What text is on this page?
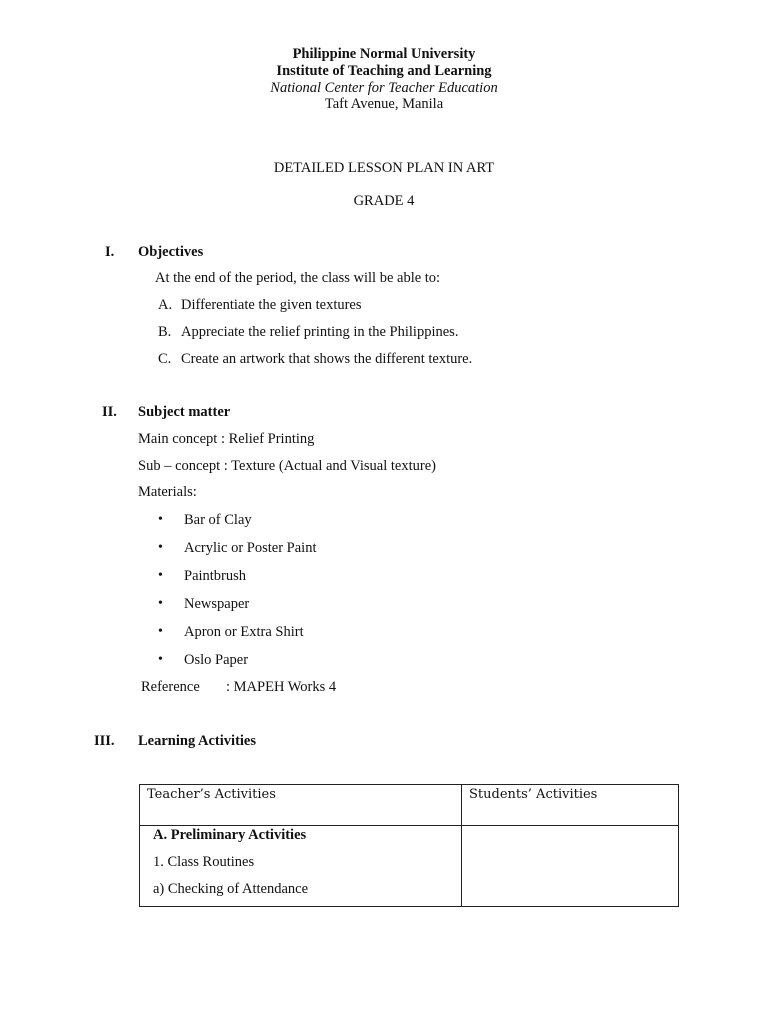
Philippine Normal University
Institute of Teaching and Learning
National Center for Teacher Education
Taft Avenue, Manila
DETAILED LESSON PLAN IN ART
GRADE 4
I. Objectives
At the end of the period, the class will be able to:
A. Differentiate the given textures
B. Appreciate the relief printing in the Philippines.
C. Create an artwork that shows the different texture.
II. Subject matter
Main concept : Relief Printing
Sub – concept : Texture (Actual and Visual texture)
Materials:
• Bar of Clay
• Acrylic or Poster Paint
• Paintbrush
• Newspaper
• Apron or Extra Shirt
• Oslo Paper
Reference : MAPEH Works 4
III. Learning Activities
Teacher’s Activities	Students’ Activities

A. Preliminary Activities
1. Class Routines
a) Checking of Attendance	
